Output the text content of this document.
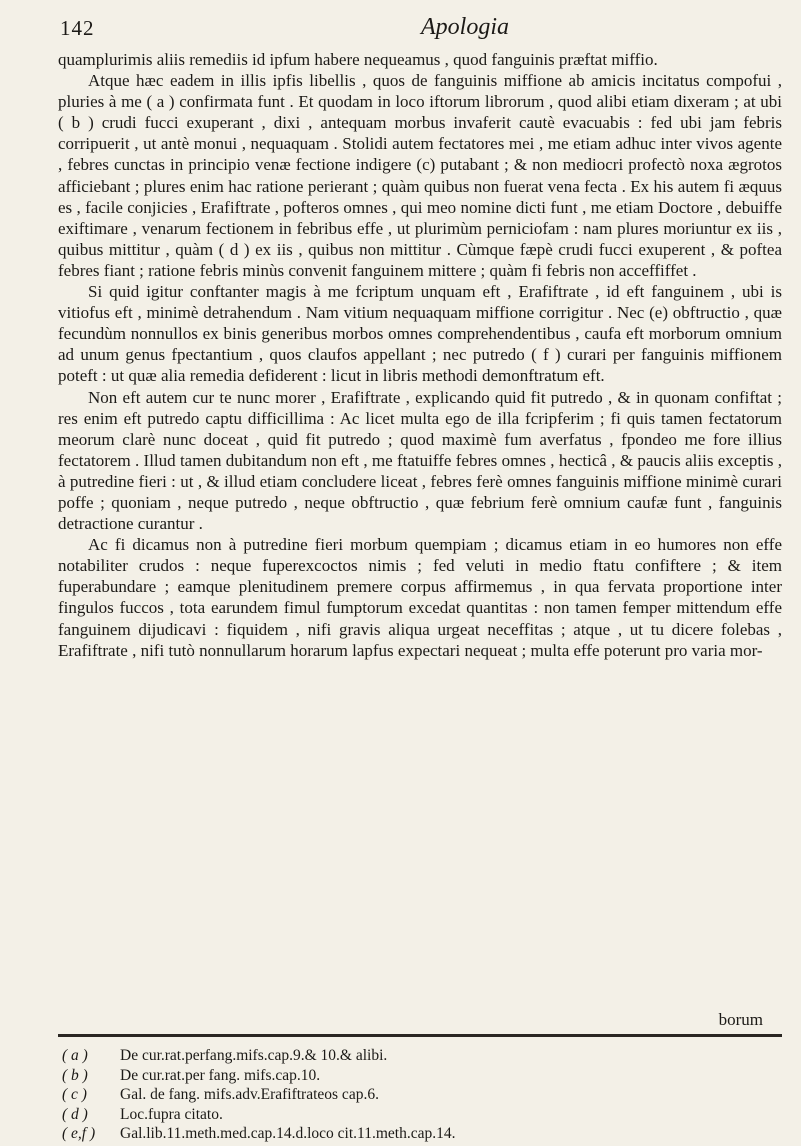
142	Apologia

quamplurimis aliis remediis id ipfum habere nequeamus , quod fanguinis præftat miffio.

Atque hæc eadem in illis ipfis libellis , quos de fanguinis miffione ab amicis incitatus compofui , pluries à me ( a ) confirmata funt . Et quodam in loco iftorum librorum , quod alibi etiam dixeram ; at ubi ( b ) crudi fucci exuperant , dixi , antequam morbus invaferit cautè evacuabis : fed ubi jam febris corripuerit , ut antè monui , nequaquam . Stolidi autem fectatores mei , me etiam adhuc inter vivos agente , febres cunctas in principio venæ fectione indigere (c) putabant ; & non mediocri profectò noxa ægrotos afficiebant ; plures enim hac ratione perierant ; quàm quibus non fuerat vena fecta . Ex his autem fi æquus es , facile conjicies , Erafiftrate , pofteros omnes , qui meo nomine dicti funt , me etiam Doctore , debuiffe exiftimare , venarum fectionem in febribus effe , ut plurimùm perniciofam : nam plures moriuntur ex iis , quibus mittitur , quàm ( d ) ex iis , quibus non mittitur . Cùmque fæpè crudi fucci exuperent , & poftea febres fiant ; ratione febris minùs convenit fanguinem mittere ; quàm fi febris non acceffiffet .

Si quid igitur conftanter magis à me fcriptum unquam eft , Erafiftrate , id eft fanguinem , ubi is vitiofus eft , minimè detrahendum . Nam vitium nequaquam miffione corrigitur . Nec (e) obftructio , quæ fecundùm nonnullos ex binis generibus morbos omnes comprehendentibus , caufa eft morborum omnium ad unum genus fpectantium , quos claufos appellant ; nec putredo ( f ) curari per fanguinis miffionem poteft : ut quæ alia remedia defiderent : licut in libris methodi demonftratum eft.

Non eft autem cur te nunc morer , Erafiftrate , explicando quid fit putredo , & in quonam confiftat ; res enim eft putredo captu difficillima : Ac licet multa ego de illa fcripferim ; fi quis tamen fectatorum meorum clarè nunc doceat , quid fit putredo ; quod maximè fum averfatus , fpondeo me fore illius fectatorem . Illud tamen dubitandum non eft , me ftatuiffe febres omnes , hecticâ , & paucis aliis exceptis , à putredine fieri : ut , & illud etiam concludere liceat , febres ferè omnes fanguinis miffione minimè curari poffe ; quoniam , neque putredo , neque obftructio , quæ febrium ferè omnium caufæ funt , fanguinis detractione curantur .

Ac fi dicamus non à putredine fieri morbum quempiam ; dicamus etiam in eo humores non effe notabiliter crudos : neque fuperexcoctos nimis ; fed veluti in medio ftatu confiftere ; & item fuperabundare ; eamque plenitudinem premere corpus affirmemus , in qua fervata proportione inter fingulos fuccos , tota earundem fimul fumptorum excedat quantitas : non tamen femper mittendum effe fanguinem dijudicavi : fiquidem , nifi gravis aliqua urgeat neceffitas ; atque , ut tu dicere folebas , Erafiftrate , nifi tutò nonnullarum horarum lapfus expectari nequeat ; multa effe poterunt pro varia mor-

borum
( a ) De cur.rat.perfang.mifs.cap.9.& 10.& alibi.
( b ) De cur.rat.per fang. mifs.cap.10.
( c ) Gal. de fang. mifs.adv.Erafiftrateos cap.6.
( d ) Loc.fupra citato.
( e,f ) Gal.lib.11.meth.med.cap.14.d.loco cit.11.meth.cap.14.
